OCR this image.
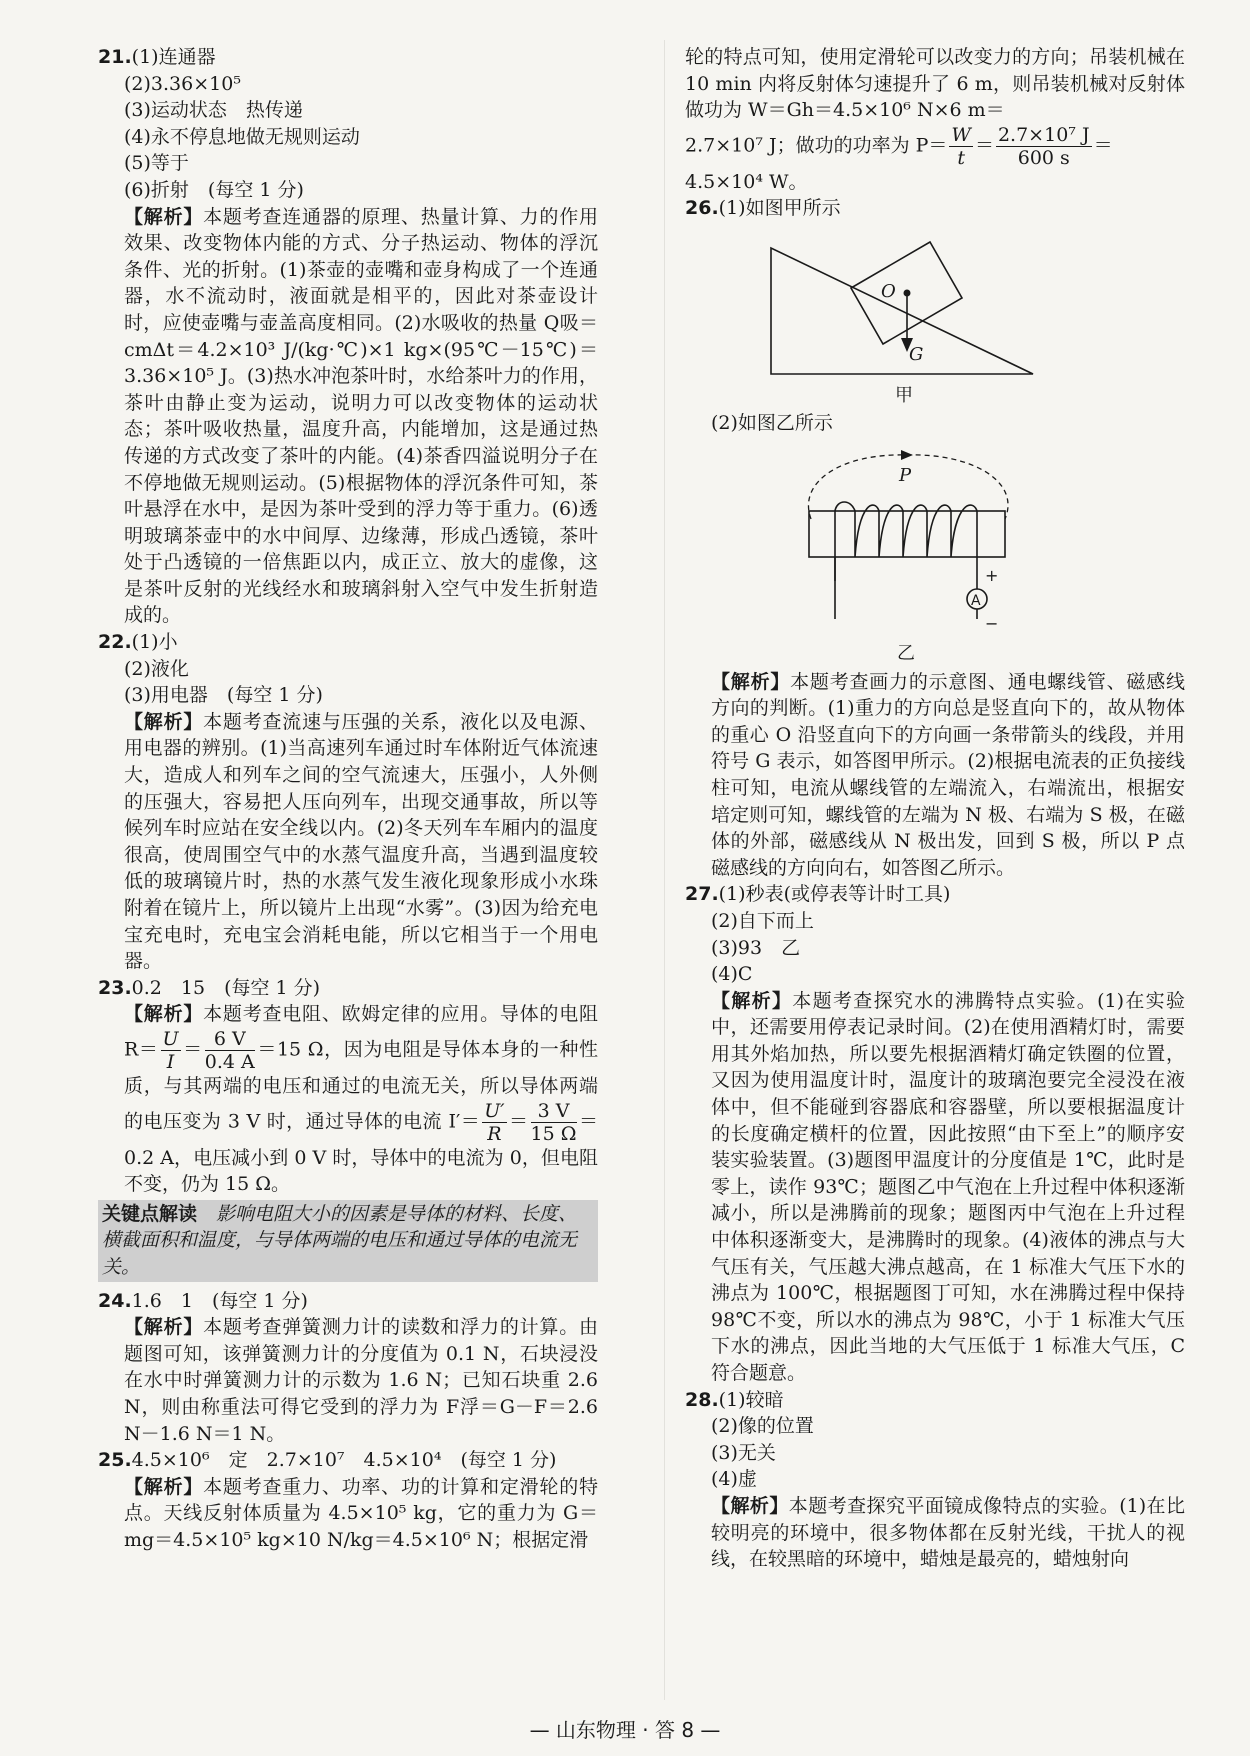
21.(1)连通器

(2)3.36×10⁵

(3)运动状态　热传递

(4)永不停息地做无规则运动

(5)等于

(6)折射　(每空 1 分)

【解析】本题考查连通器的原理、热量计算、力的作用效果、改变物体内能的方式、分子热运动、物体的浮沉条件、光的折射。(1)茶壶的壶嘴和壶身构成了一个连通器，水不流动时，液面就是相平的，因此对茶壶设计时，应使壶嘴与壶盖高度相同。(2)水吸收的热量 Q吸＝cmΔt＝4.2×10³ J/(kg·℃)×1 kg×(95℃－15℃)＝3.36×10⁵ J。(3)热水冲泡茶叶时，水给茶叶力的作用，茶叶由静止变为运动，说明力可以改变物体的运动状态；茶叶吸收热量，温度升高，内能增加，这是通过热传递的方式改变了茶叶的内能。(4)茶香四溢说明分子在不停地做无规则运动。(5)根据物体的浮沉条件可知，茶叶悬浮在水中，是因为茶叶受到的浮力等于重力。(6)透明玻璃茶壶中的水中间厚、边缘薄，形成凸透镜，茶叶处于凸透镜的一倍焦距以内，成正立、放大的虚像，这是茶叶反射的光线经水和玻璃斜射入空气中发生折射造成的。

22.(1)小

(2)液化

(3)用电器　(每空 1 分)

【解析】本题考查流速与压强的关系，液化以及电源、用电器的辨别。(1)当高速列车通过时车体附近气体流速大，造成人和列车之间的空气流速大，压强小，人外侧的压强大，容易把人压向列车，出现交通事故，所以等候列车时应站在安全线以内。(2)冬天列车车厢内的温度很高，使周围空气中的水蒸气温度升高，当遇到温度较低的玻璃镜片时，热的水蒸气发生液化现象形成小水珠附着在镜片上，所以镜片上出现“水雾”。(3)因为给充电宝充电时，充电宝会消耗电能，所以它相当于一个用电器。

23.0.2　15　(每空 1 分)

【解析】本题考查电阻、欧姆定律的应用。导体的电阻 $R= \frac{U}{I} = \frac{6 V}{0.4 A} =15$ Ω，因为电阻是导体本身的一种性质，与其两端的电压和通过的电流无关，所以导体两端的电压变为 3 V 时，通过导体的电流 $I'= \frac{U'}{R} = \frac{3 V}{15 \Omega} =0.2$ A，电压减小到 0 V 时，导体中的电流为 0，但电阻不变，仍为 15 Ω。

关键点解读　影响电阻大小的因素是导体的材料、长度、横截面积和温度，与导体两端的电压和通过导体的电流无关。

24.1.6　1　(每空 1 分)

【解析】本题考查弹簧测力计的读数和浮力的计算。由题图可知，该弹簧测力计的分度值为 0.1 N，石块浸没在水中时弹簧测力计的示数为 1.6 N；已知石块重 2.6 N，则由称重法可得它受到的浮力为 F浮＝G－F＝2.6 N－1.6 N＝1 N。

25.4.5×10⁶　定　2.7×10⁷　4.5×10⁴　(每空 1 分)

【解析】本题考查重力、功率、功的计算和定滑轮的特点。天线反射体质量为 4.5×10⁵ kg，它的重力为 G＝mg＝4.5×10⁵ kg×10 N/kg＝4.5×10⁶ N；根据定滑

轮的特点可知，使用定滑轮可以改变力的方向；吊装机械在 10 min 内将反射体匀速提升了 6 m，则吊装机械对反射体做功为 W＝Gh＝4.5×10⁶ N×6 m＝

2.7×10⁷ J；做功的功率为 $P= \frac{W}{t} = \frac{\text{2.7×10⁷ J}}{600 s}$ ＝

4.5×10⁴ W。

26.(1)如图甲所示

O
G
甲

(2)如图乙所示

P
A
+
−
乙

【解析】本题考查画力的示意图、通电螺线管、磁感线方向的判断。(1)重力的方向总是竖直向下的，故从物体的重心 O 沿竖直向下的方向画一条带箭头的线段，并用符号 G 表示，如答图甲所示。(2)根据电流表的正负接线柱可知，电流从螺线管的左端流入，右端流出，根据安培定则可知，螺线管的左端为 N 极、右端为 S 极，在磁体的外部，磁感线从 N 极出发，回到 S 极，所以 P 点磁感线的方向向右，如答图乙所示。

27.(1)秒表(或停表等计时工具)

(2)自下而上

(3)93　乙

(4)C

【解析】本题考查探究水的沸腾特点实验。(1)在实验中，还需要用停表记录时间。(2)在使用酒精灯时，需要用其外焰加热，所以要先根据酒精灯确定铁圈的位置，又因为使用温度计时，温度计的玻璃泡要完全浸没在液体中，但不能碰到容器底和容器壁，所以要根据温度计的长度确定横杆的位置，因此按照“由下至上”的顺序安装实验装置。(3)题图甲温度计的分度值是 1℃，此时是零上，读作 93℃；题图乙中气泡在上升过程中体积逐渐减小，所以是沸腾前的现象；题图丙中气泡在上升过程中体积逐渐变大，是沸腾时的现象。(4)液体的沸点与大气压有关，气压越大沸点越高，在 1 标准大气压下水的沸点为 100℃，根据题图丁可知，水在沸腾过程中保持 98℃不变，所以水的沸点为 98℃，小于 1 标准大气压下水的沸点，因此当地的大气压低于 1 标准大气压，C 符合题意。

28.(1)较暗

(2)像的位置

(3)无关

(4)虚

【解析】本题考查探究平面镜成像特点的实验。(1)在比较明亮的环境中，很多物体都在反射光线，干扰人的视线，在较黑暗的环境中，蜡烛是最亮的，蜡烛射向

— 山东物理 · 答 8 —
